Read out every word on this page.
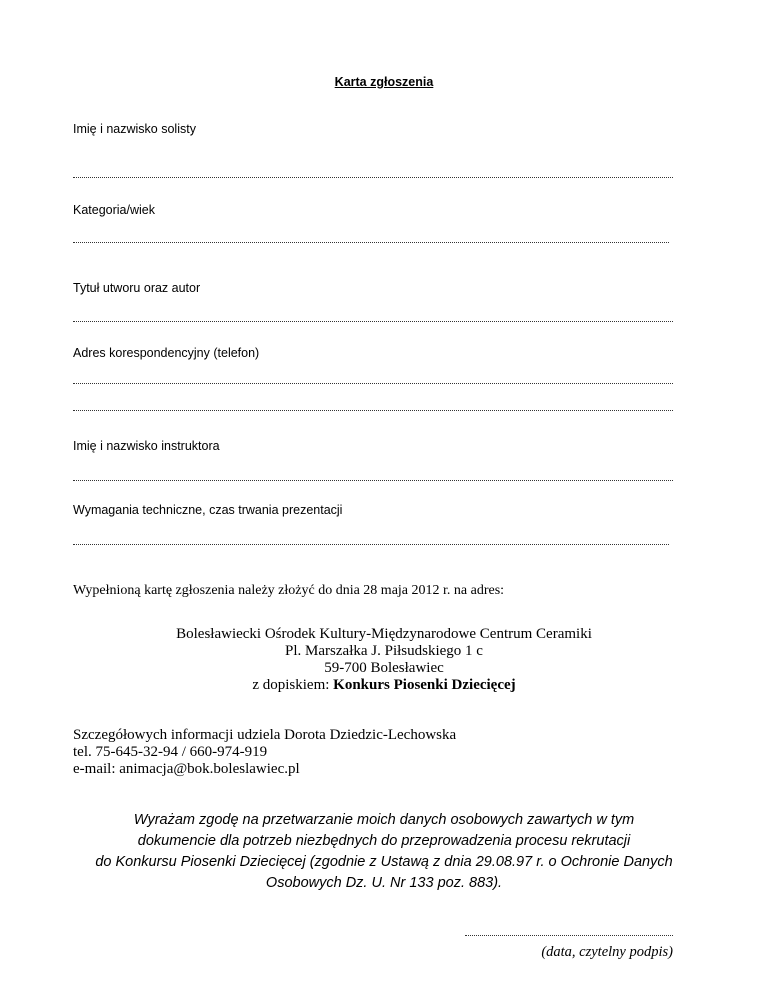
Karta zgłoszenia
Imię i nazwisko solisty
Kategoria/wiek
Tytuł utworu oraz autor
Adres korespondencyjny (telefon)
Imię i nazwisko instruktora
Wymagania techniczne, czas trwania prezentacji
Wypełnioną kartę zgłoszenia należy złożyć do dnia 28 maja 2012 r. na adres:
Bolesławiecki Ośrodek Kultury-Międzynarodowe Centrum Ceramiki
Pl. Marszałka J. Piłsudskiego 1 c
59-700 Bolesławiec
z dopiskiem: Konkurs Piosenki Dziecięcej
Szczegółowych informacji udziela Dorota Dziedzic-Lechowska
tel. 75-645-32-94 / 660-974-919
e-mail: animacja@bok.boleslawiec.pl
Wyrażam zgodę na przetwarzanie moich danych osobowych zawartych w tym
dokumencie dla potrzeb niezbędnych do przeprowadzenia procesu rekrutacji
do Konkursu Piosenki Dziecięcej (zgodnie z Ustawą z dnia 29.08.97 r. o Ochronie Danych
Osobowych Dz. U. Nr 133 poz. 883).
(data, czytelny podpis)
